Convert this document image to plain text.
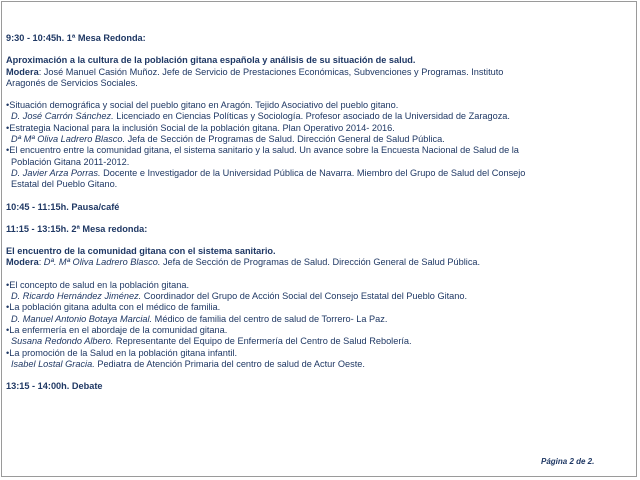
9:30 - 10:45h. 1ª Mesa Redonda:
Aproximación a la cultura de la población gitana española y análisis de su situación de salud.
Modera: José Manuel Casión Muñoz. Jefe de Servicio de Prestaciones Económicas, Subvenciones y Programas. Instituto
Aragonés de Servicios Sociales.
•Situación demográfica y social del pueblo gitano en Aragón. Tejido Asociativo del pueblo gitano.
D. José Carrón Sánchez. Licenciado en Ciencias Políticas y Sociología. Profesor asociado de la Universidad de Zaragoza.
•Estrategia Nacional para la inclusión Social de la población gitana. Plan Operativo 2014- 2016.
Dª Mª Oliva Ladrero Blasco. Jefa de Sección de Programas de Salud. Dirección General de Salud Pública.
•El encuentro entre la comunidad gitana, el sistema sanitario y la salud. Un avance sobre la Encuesta Nacional de Salud de la
Población Gitana 2011-2012.
D. Javier Arza Porras. Docente e Investigador de la Universidad Pública de Navarra. Miembro del Grupo de Salud del Consejo
Estatal del Pueblo Gitano.
10:45 - 11:15h. Pausa/café
11:15 - 13:15h. 2ª Mesa redonda:
El encuentro de la comunidad gitana con el sistema sanitario.
Modera: Dª. Mª Oliva Ladrero Blasco. Jefa de Sección de Programas de Salud. Dirección General de Salud Pública.
•El concepto de salud en la población gitana.
D. Ricardo Hernández Jiménez. Coordinador del Grupo de Acción Social del Consejo Estatal del Pueblo Gitano.
•La población gitana adulta con el médico de familia.
D. Manuel Antonio Botaya Marcial. Médico de familia del centro de salud de Torrero- La Paz.
•La enfermería en el abordaje de la comunidad gitana.
Susana Redondo Albero. Representante del Equipo de Enfermería del Centro de Salud Rebolería.
•La promoción de la Salud en la población gitana infantil.
Isabel Lostal Gracia. Pediatra de Atención Primaria del centro de salud de Actur Oeste.
13:15 - 14:00h. Debate
Página 2 de 2.
